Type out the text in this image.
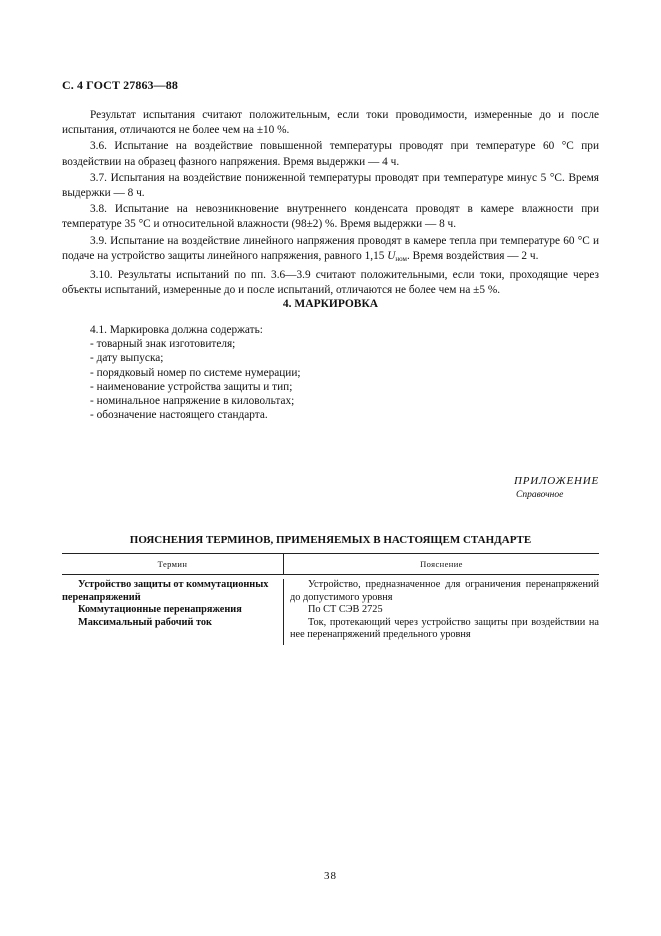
С. 4 ГОСТ 27863—88

Результат испытания считают положительным, если токи проводимости, измеренные до и после испытания, отличаются не более чем на ±10 %.

3.6. Испытание на воздействие повышенной температуры проводят при температуре 60 °С при воздействии на образец фазного напряжения. Время выдержки — 4 ч.

3.7. Испытания на воздействие пониженной температуры проводят при температуре минус 5 °С. Время выдержки — 8 ч.

3.8. Испытание на невозникновение внутреннего конденсата проводят в камере влажности при температуре 35 °С и относительной влажности (98±2) %. Время выдержки — 8 ч.

3.9. Испытание на воздействие линейного напряжения проводят в камере тепла при температуре 60 °С и подаче на устройство защиты линейного напряжения, равного 1,15 $U_{ном}$. Время воздействия — 2 ч.

3.10. Результаты испытаний по пп. 3.6—3.9 считают положительными, если токи, проходящие через объекты испытаний, измеренные до и после испытаний, отличаются не более чем на ±5 %.

4. МАРКИРОВКА
4.1. Маркировка должна содержать:
- товарный знак изготовителя;
- дату выпуска;
- порядковый номер по системе нумерации;
- наименование устройства защиты и тип;
- номинальное напряжение в киловольтах;
- обозначение настоящего стандарта.
ПРИЛОЖЕНИЕ
Справочное
ПОЯСНЕНИЯ ТЕРМИНОВ, ПРИМЕНЯЕМЫХ В НАСТОЯЩЕМ СТАНДАРТЕ
Термин	Пояснение
Устройство защиты от коммутационных перенапряжений
Коммутационные перенапряжения
Максимальный рабочий ток
Устройство, предназначенное для ограничения перенапряжений до допустимого уровня
По СТ СЭВ 2725
Ток, протекающий через устройство защиты при воздействии на нее перенапряжений предельного уровня
38
